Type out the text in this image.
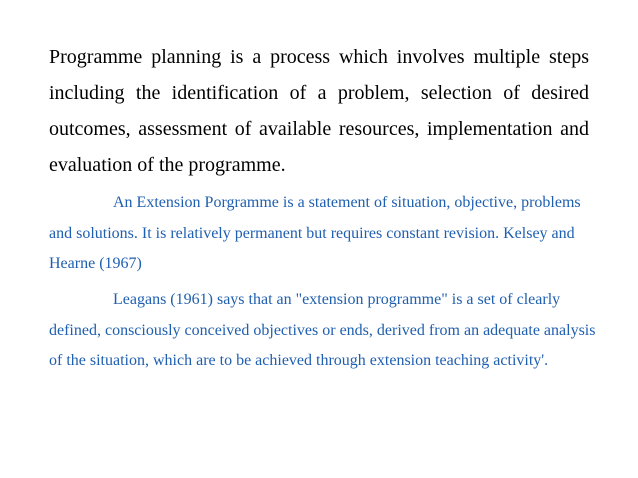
Programme planning is a process which involves multiple steps including the identification of a problem, selection of desired outcomes, assessment of available resources, implementation and evaluation of the programme.

An Extension Porgramme is a statement of situation, objective, problems and solutions. It is relatively permanent but requires constant revision. Kelsey and Hearne (1967)

Leagans (1961) says that an "extension programme" is a set of clearly defined, consciously conceived objectives or ends, derived from an adequate analysis of the situation, which are to be achieved through extension teaching activity'.
